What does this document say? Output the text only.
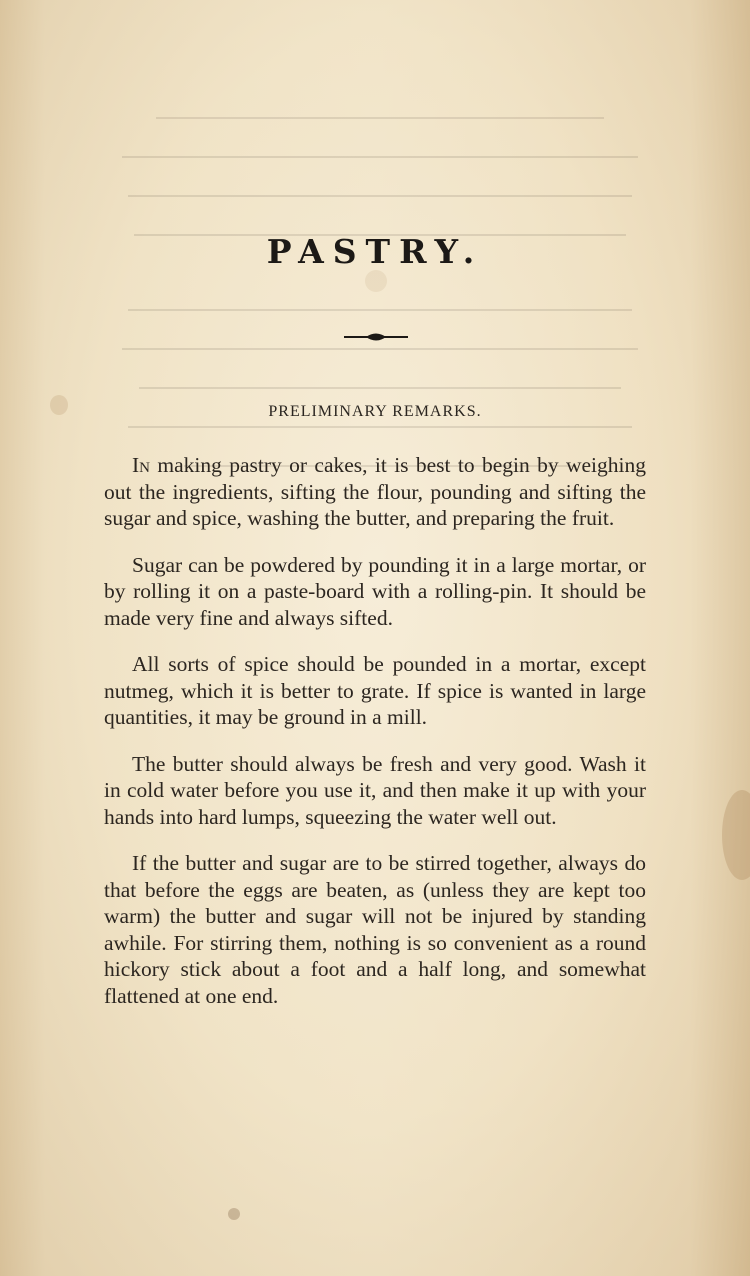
PASTRY.
PRELIMINARY REMARKS.

In making pastry or cakes, it is best to begin by weighing out the ingredients, sifting the flour, pounding and sifting the sugar and spice, washing the butter, and preparing the fruit.

Sugar can be powdered by pounding it in a large mortar, or by rolling it on a paste-board with a rolling-pin. It should be made very fine and always sifted.

All sorts of spice should be pounded in a mortar, except nutmeg, which it is better to grate. If spice is wanted in large quantities, it may be ground in a mill.

The butter should always be fresh and very good. Wash it in cold water before you use it, and then make it up with your hands into hard lumps, squeezing the water well out.

If the butter and sugar are to be stirred together, always do that before the eggs are beaten, as (unless they are kept too warm) the butter and sugar will not be injured by standing awhile. For stirring them, nothing is so convenient as a round hickory stick about a foot and a half long, and somewhat flattened at one end.
